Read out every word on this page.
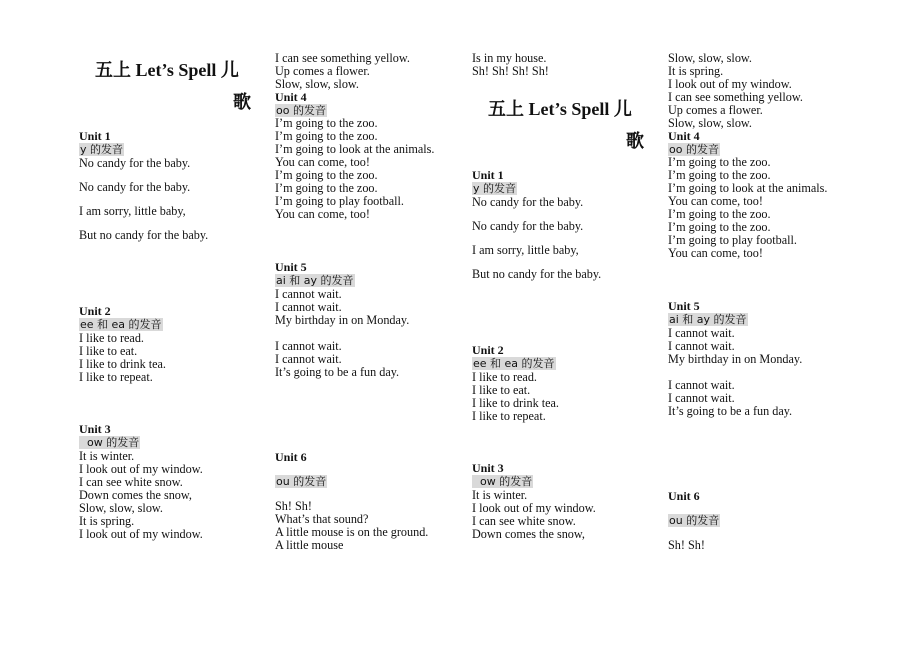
五上 Let’s Spell 儿
歌
Unit 1
y 的发音
No candy for the baby.
No candy for the baby.
I am sorry, little baby,
But no candy for the baby.
Unit 2
ee 和 ea 的发音
I like to read.
I like to eat.
I like to drink tea.
I like to repeat.
Unit 3
ow 的发音
It is winter.
I look out of my window.
I can see white snow.
Down comes the snow,
Slow, slow, slow.
It is spring.
I look out of my window.
I can see something yellow.
Up comes a flower.
Slow, slow, slow.
Unit 4
oo 的发音
I’m going to the zoo.
I’m going to the zoo.
I’m going to look at the animals.
You can come, too!
I’m going to the zoo.
I’m going to the zoo.
I’m going to play football.
You can come, too!
Unit 5
ai 和 ay 的发音
I cannot wait.
I cannot wait.
My birthday in on Monday.
I cannot wait.
I cannot wait.
It’s going to be a fun day.
Unit 6
ou 的发音
Sh! Sh!
What’s that sound?
A little mouse is on the ground.
A little mouse
Is in my house.
Sh! Sh! Sh! Sh!
五上 Let’s Spell 儿
歌
Unit 1
y 的发音
No candy for the baby.
No candy for the baby.
I am sorry, little baby,
But no candy for the baby.
Unit 2
ee 和 ea 的发音
I like to read.
I like to eat.
I like to drink tea.
I like to repeat.
Unit 3
ow 的发音
It is winter.
I look out of my window.
I can see white snow.
Down comes the snow,
Slow, slow, slow.
It is spring.
I look out of my window.
I can see something yellow.
Up comes a flower.
Slow, slow, slow.
Unit 4
oo 的发音
I’m going to the zoo.
I’m going to the zoo.
I’m going to look at the animals.
You can come, too!
I’m going to the zoo.
I’m going to the zoo.
I’m going to play football.
You can come, too!
Unit 5
ai 和 ay 的发音
I cannot wait.
I cannot wait.
My birthday in on Monday.
I cannot wait.
I cannot wait.
It’s going to be a fun day.
Unit 6
ou 的发音
Sh! Sh!
